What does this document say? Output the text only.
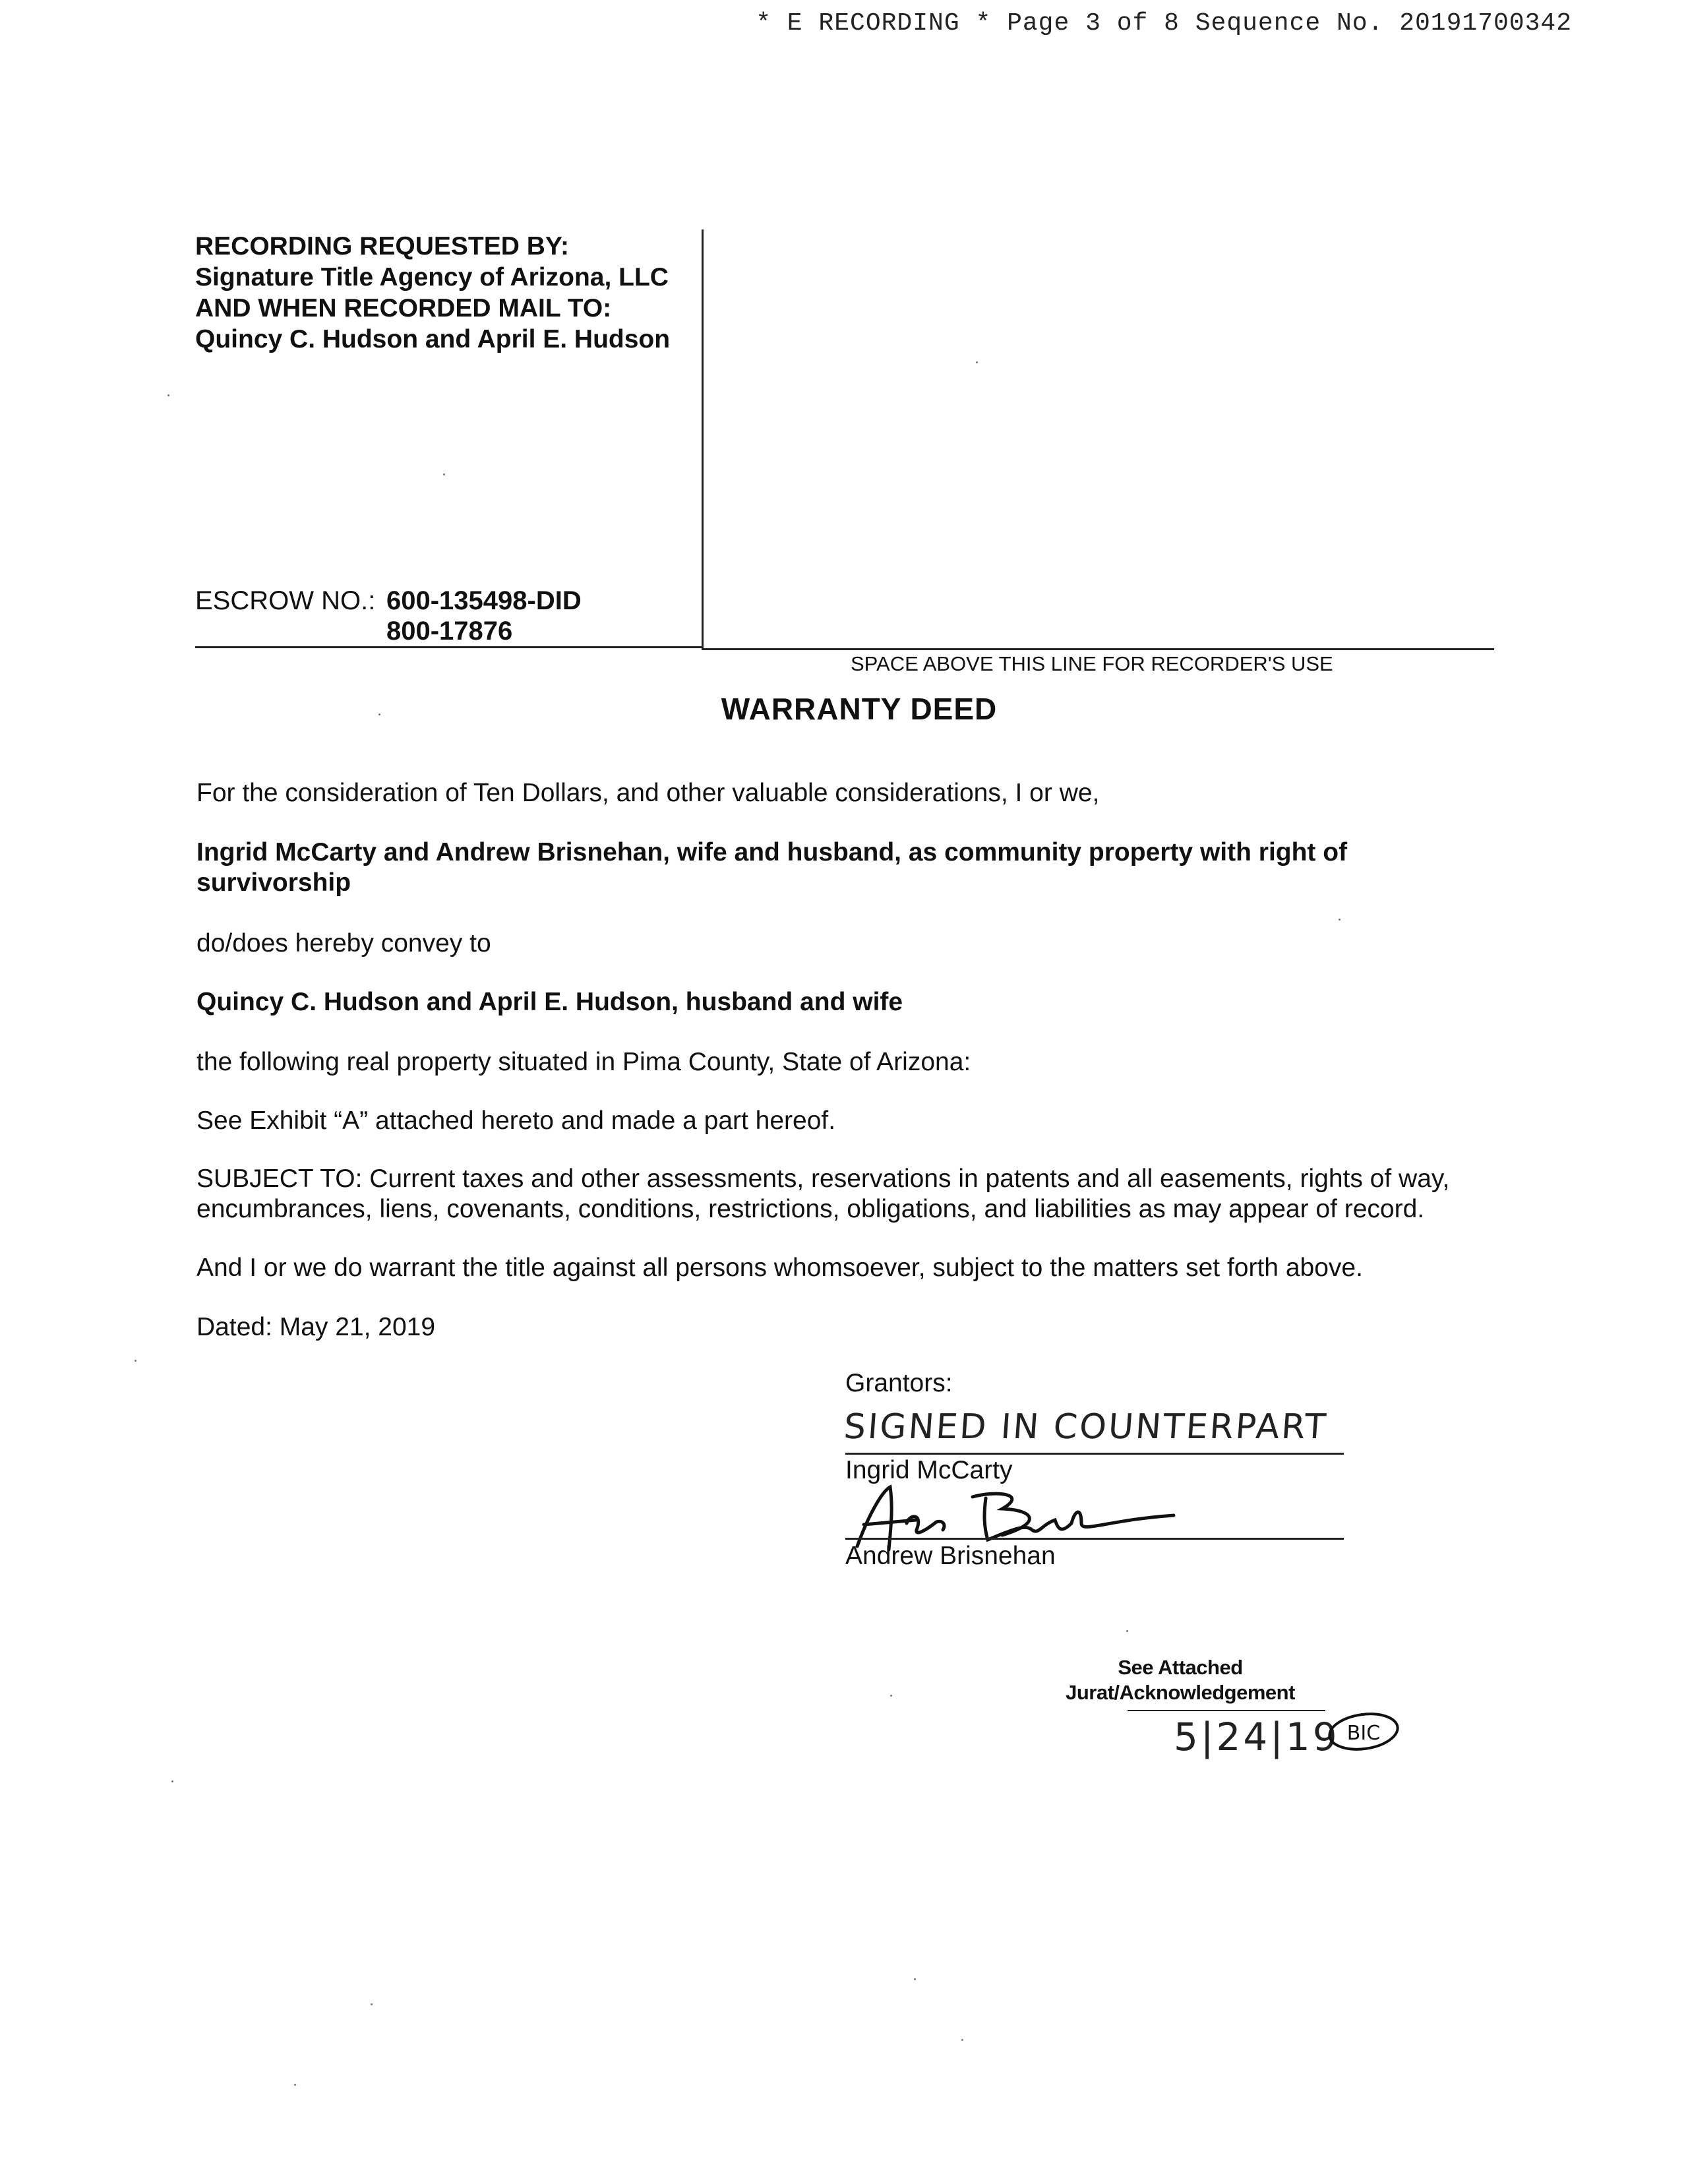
* E RECORDING * Page 3 of 8 Sequence No. 20191700342
RECORDING REQUESTED BY:
Signature Title Agency of Arizona, LLC
AND WHEN RECORDED MAIL TO:
Quincy C. Hudson and April E. Hudson
ESCROW NO.: 600-135498-DID
800-17876
SPACE ABOVE THIS LINE FOR RECORDER'S USE
WARRANTY DEED
For the consideration of Ten Dollars, and other valuable considerations, I or we,
Ingrid McCarty and Andrew Brisnehan, wife and husband, as community property with right of
survivorship
do/does hereby convey to
Quincy C. Hudson and April E. Hudson, husband and wife
the following real property situated in Pima County, State of Arizona:
See Exhibit “A” attached hereto and made a part hereof.
SUBJECT TO: Current taxes and other assessments, reservations in patents and all easements, rights of way,
encumbrances, liens, covenants, conditions, restrictions, obligations, and liabilities as may appear of record.
And I or we do warrant the title against all persons whomsoever, subject to the matters set forth above.
Dated: May 21, 2019
Grantors:
SIGNED IN COUNTERPART
Ingrid McCarty
Andrew Brisnehan
See Attached
Jurat/Acknowledgement
5|24|19 BIC
